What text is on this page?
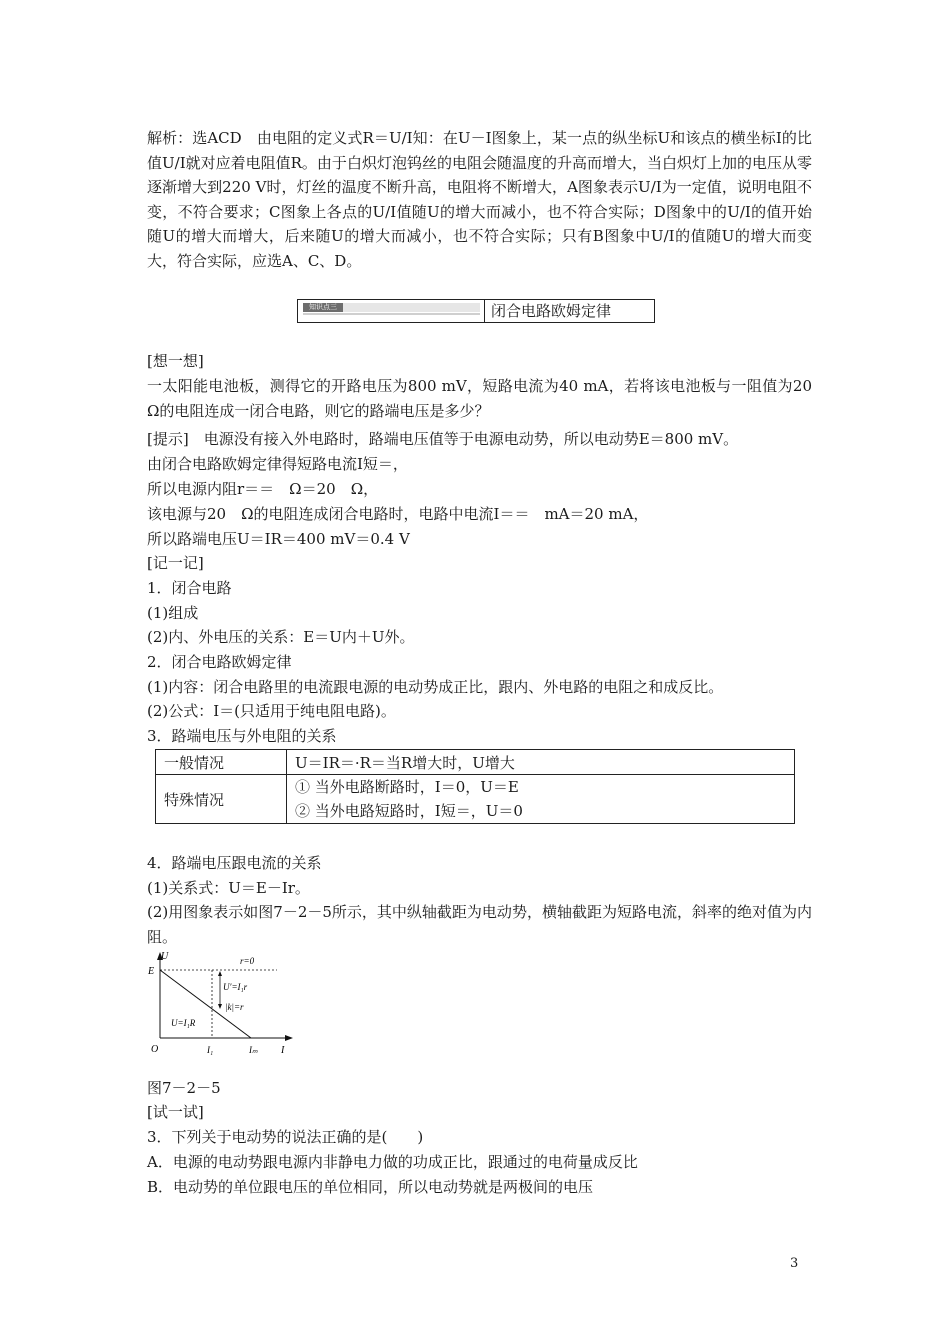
解析：选ACD　由电阻的定义式R＝U/I知：在U－I图象上，某一点的纵坐标U和该点的横坐标I的比值U/I就对应着电阻值R。由于白炽灯泡钨丝的电阻会随温度的升高而增大，当白炽灯上加的电压从零逐渐增大到220 V时，灯丝的温度不断升高，电阻将不断增大，A图象表示U/I为一定值，说明电阻不变，不符合要求；C图象上各点的U/I值随U的增大而减小，也不符合实际；D图象中的U/I的值开始随U的增大而增大，后来随U的增大而减小，也不符合实际；只有B图象中U/I的值随U的增大而变大，符合实际，应选A、C、D。
知识点三	闭合电路欧姆定律
[想一想]
一太阳能电池板，测得它的开路电压为800 mV，短路电流为40 mA，若将该电池板与一阻值为20　Ω的电阻连成一闭合电路，则它的路端电压是多少？
[提示]　电源没有接入外电路时，路端电压值等于电源电动势，所以电动势E＝800 mV。
由闭合电路欧姆定律得短路电流I短＝，
所以电源内阻r＝＝　Ω＝20　Ω，
该电源与20　Ω的电阻连成闭合电路时，电路中电流I＝＝　mA＝20 mA，
所以路端电压U＝IR＝400 mV＝0.4 V
[记一记]
1．闭合电路
(1)组成
(2)内、外电压的关系：E＝U内＋U外。
2．闭合电路欧姆定律
(1)内容：闭合电路里的电流跟电源的电动势成正比，跟内、外电路的电阻之和成反比。
(2)公式：I＝(只适用于纯电阻电路)。
3．路端电压与外电阻的关系
一般情况	U＝IR＝·R＝当R增大时，U增大
特殊情况	① 当外电路断路时，I＝0，U＝E
② 当外电路短路时，I短＝，U＝0
4．路端电压跟电流的关系
(1)关系式：U＝E－Ir。
(2)用图象表示如图7－2－5所示，其中纵轴截距为电动势，横轴截距为短路电流，斜率的绝对值为内阻。
U
E
r=0
U′=I₁r
|k|=r
U=I₁R
O	I₁	Iₘ I
图7－2－5
[试一试]
3．下列关于电动势的说法正确的是(　　)
A．电源的电动势跟电源内非静电力做的功成正比，跟通过的电荷量成反比
B．电动势的单位跟电压的单位相同，所以电动势就是两极间的电压
3
